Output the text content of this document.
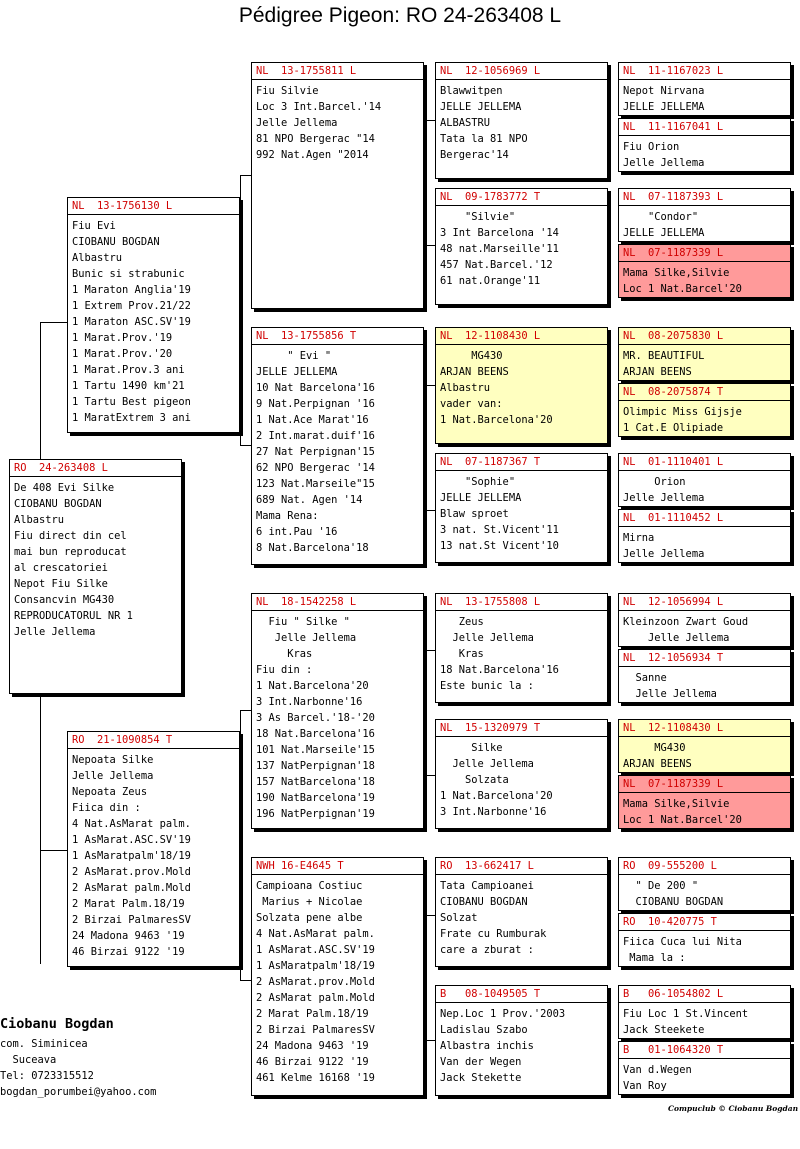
Pédigree Pigeon: RO 24-263408 L
RO  24-263408 L
De 408 Evi Silke
CIOBANU BOGDAN
Albastru
Fiu direct din cel
mai bun reproducat
al crescatoriei
Nepot Fiu Silke
Consancvin MG430
REPRODUCATORUL NR 1
Jelle Jellema
NL  13-1756130 L
Fiu Evi
CIOBANU BOGDAN
Albastru
Bunic si strabunic
1 Maraton Anglia'19
1 Extrem Prov.21/22
1 Maraton ASC.SV'19
1 Marat.Prov.'19
1 Marat.Prov.'20
1 Marat.Prov.3 ani
1 Tartu 1490 km'21
1 Tartu Best pigeon
1 MaratExtrem 3 ani
RO  21-1090854 T
Nepoata Silke
Jelle Jellema
Nepoata Zeus
Fiica din :
4 Nat.AsMarat palm.
1 AsMarat.ASC.SV'19
1 AsMaratpalm'18/19
2 AsMarat.prov.Mold
2 AsMarat palm.Mold
2 Marat Palm.18/19
2 Birzai PalmaresSV
24 Madona 9463 '19
46 Birzai 9122 '19
NL  13-1755811 L
Fiu Silvie
Loc 3 Int.Barcel.'14
Jelle Jellema
81 NPO Bergerac "14
992 Nat.Agen "2014
NL  13-1755856 T
" Evi "
JELLE JELLEMA
10 Nat Barcelona'16
9 Nat.Perpignan '16
1 Nat.Ace Marat'16
2 Int.marat.duif'16
27 Nat Perpignan'15
62 NPO Bergerac '14
123 Nat.Marseile"15
689 Nat. Agen '14
Mama Rena:
6 int.Pau '16
8 Nat.Barcelona'18
NL  18-1542258 L
Fiu " Silke "
Jelle Jellema
Kras
Fiu din :
1 Nat.Barcelona'20
3 Int.Narbonne'16
3 As Barcel.'18-'20
18 Nat.Barcelona'16
101 Nat.Marseile'15
137 NatPerpignan'18
157 NatBarcelona'18
190 NatBarcelona'19
196 NatPerpignan'19
NWH 16-E4645 T
Campioana Costiuc
Marius + Nicolae
Solzata pene albe
4 Nat.AsMarat palm.
1 AsMarat.ASC.SV'19
1 AsMaratpalm'18/19
2 AsMarat.prov.Mold
2 AsMarat palm.Mold
2 Marat Palm.18/19
2 Birzai PalmaresSV
24 Madona 9463 '19
46 Birzai 9122 '19
461 Kelme 16168 '19
NL  12-1056969 L
Blawwitpen
JELLE JELLEMA
ALBASTRU
Tata la 81 NPO
Bergerac'14
NL  09-1783772 T
"Silvie"
3 Int Barcelona '14
48 nat.Marseille'11
457 Nat.Barcel.'12
61 nat.Orange'11
NL  12-1108430 L
MG430
ARJAN BEENS
Albastru
vader van:
1 Nat.Barcelona'20
NL  07-1187367 T
"Sophie"
JELLE JELLEMA
Blaw sproet
3 nat. St.Vicent'11
13 nat.St Vicent'10
NL  13-1755808 L
Zeus
Jelle Jellema
Kras
18 Nat.Barcelona'16
Este bunic la :
NL  15-1320979 T
Silke
Jelle Jellema
Solzata
1 Nat.Barcelona'20
3 Int.Narbonne'16
RO  13-662417 L
Tata Campioanei
CIOBANU BOGDAN
Solzat
Frate cu Rumburak
care a zburat :
B   08-1049505 T
Nep.Loc 1 Prov.'2003
Ladislau Szabo
Albastra inchis
Van der Wegen
Jack Stekette
NL  11-1167023 L
Nepot Nirvana
JELLE JELLEMA
NL  11-1167041 L
Fiu Orion
Jelle Jellema
NL  07-1187393 L
"Condor"
JELLE JELLEMA
NL  07-1187339 L
Mama Silke,Silvie
Loc 1 Nat.Barcel'20
NL  08-2075830 L
MR. BEAUTIFUL
ARJAN BEENS
NL  08-2075874 T
Olimpic Miss Gijsje
1 Cat.E Olipiade
NL  01-1110401 L
Orion
Jelle Jellema
NL  01-1110452 L
Mirna
Jelle Jellema
NL  12-1056994 L
Kleinzoon Zwart Goud
Jelle Jellema
NL  12-1056934 T
Sanne
Jelle Jellema
NL  12-1108430 L
MG430
ARJAN BEENS
NL  07-1187339 L
Mama Silke,Silvie
Loc 1 Nat.Barcel'20
RO  09-555200 L
" De 200 "
CIOBANU BOGDAN
RO  10-420775 T
Fiica Cuca lui Nita
Mama la :
B   06-1054802 L
Fiu Loc 1 St.Vincent
Jack Steekete
B   01-1064320 T
Van d.Wegen
Van Roy
Ciobanu Bogdan
com. Siminicea
Suceava
Tel: 0723315512
bogdan_porumbei@yahoo.com
Compuclub © Ciobanu Bogdan
